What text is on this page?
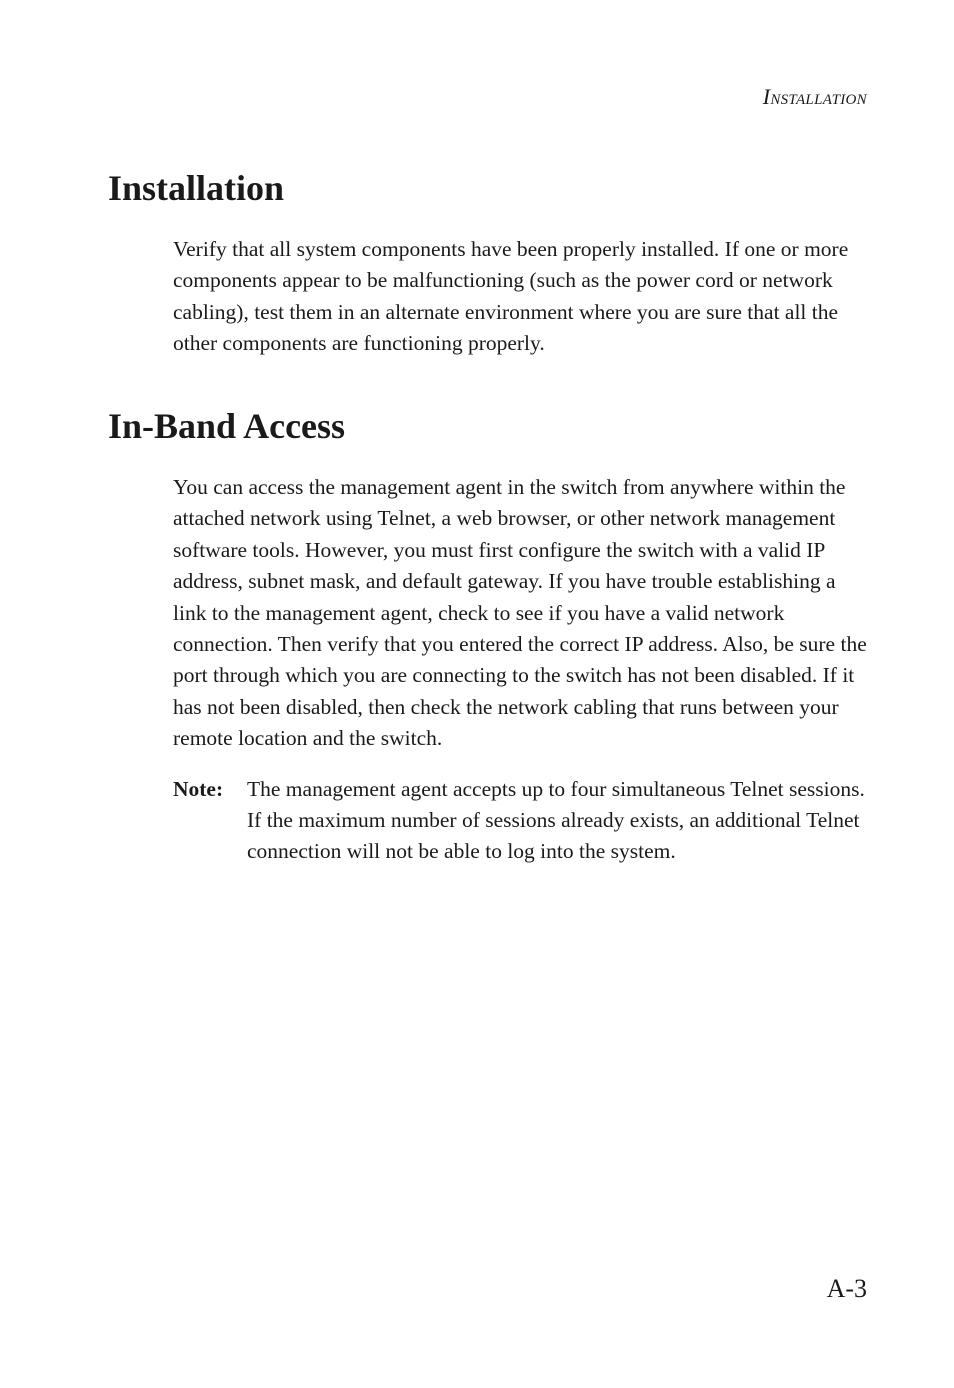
Installation
Installation

Verify that all system components have been properly installed. If one or more components appear to be malfunctioning (such as the power cord or network cabling), test them in an alternate environment where you are sure that all the other components are functioning properly.

In-Band Access

You can access the management agent in the switch from anywhere within the attached network using Telnet, a web browser, or other network management software tools. However, you must first configure the switch with a valid IP address, subnet mask, and default gateway. If you have trouble establishing a link to the management agent, check to see if you have a valid network connection. Then verify that you entered the correct IP address. Also, be sure the port through which you are connecting to the switch has not been disabled. If it has not been disabled, then check the network cabling that runs between your remote location and the switch.

Note:	The management agent accepts up to four simultaneous Telnet sessions. If the maximum number of sessions already exists, an additional Telnet connection will not be able to log into the system.
A-3
